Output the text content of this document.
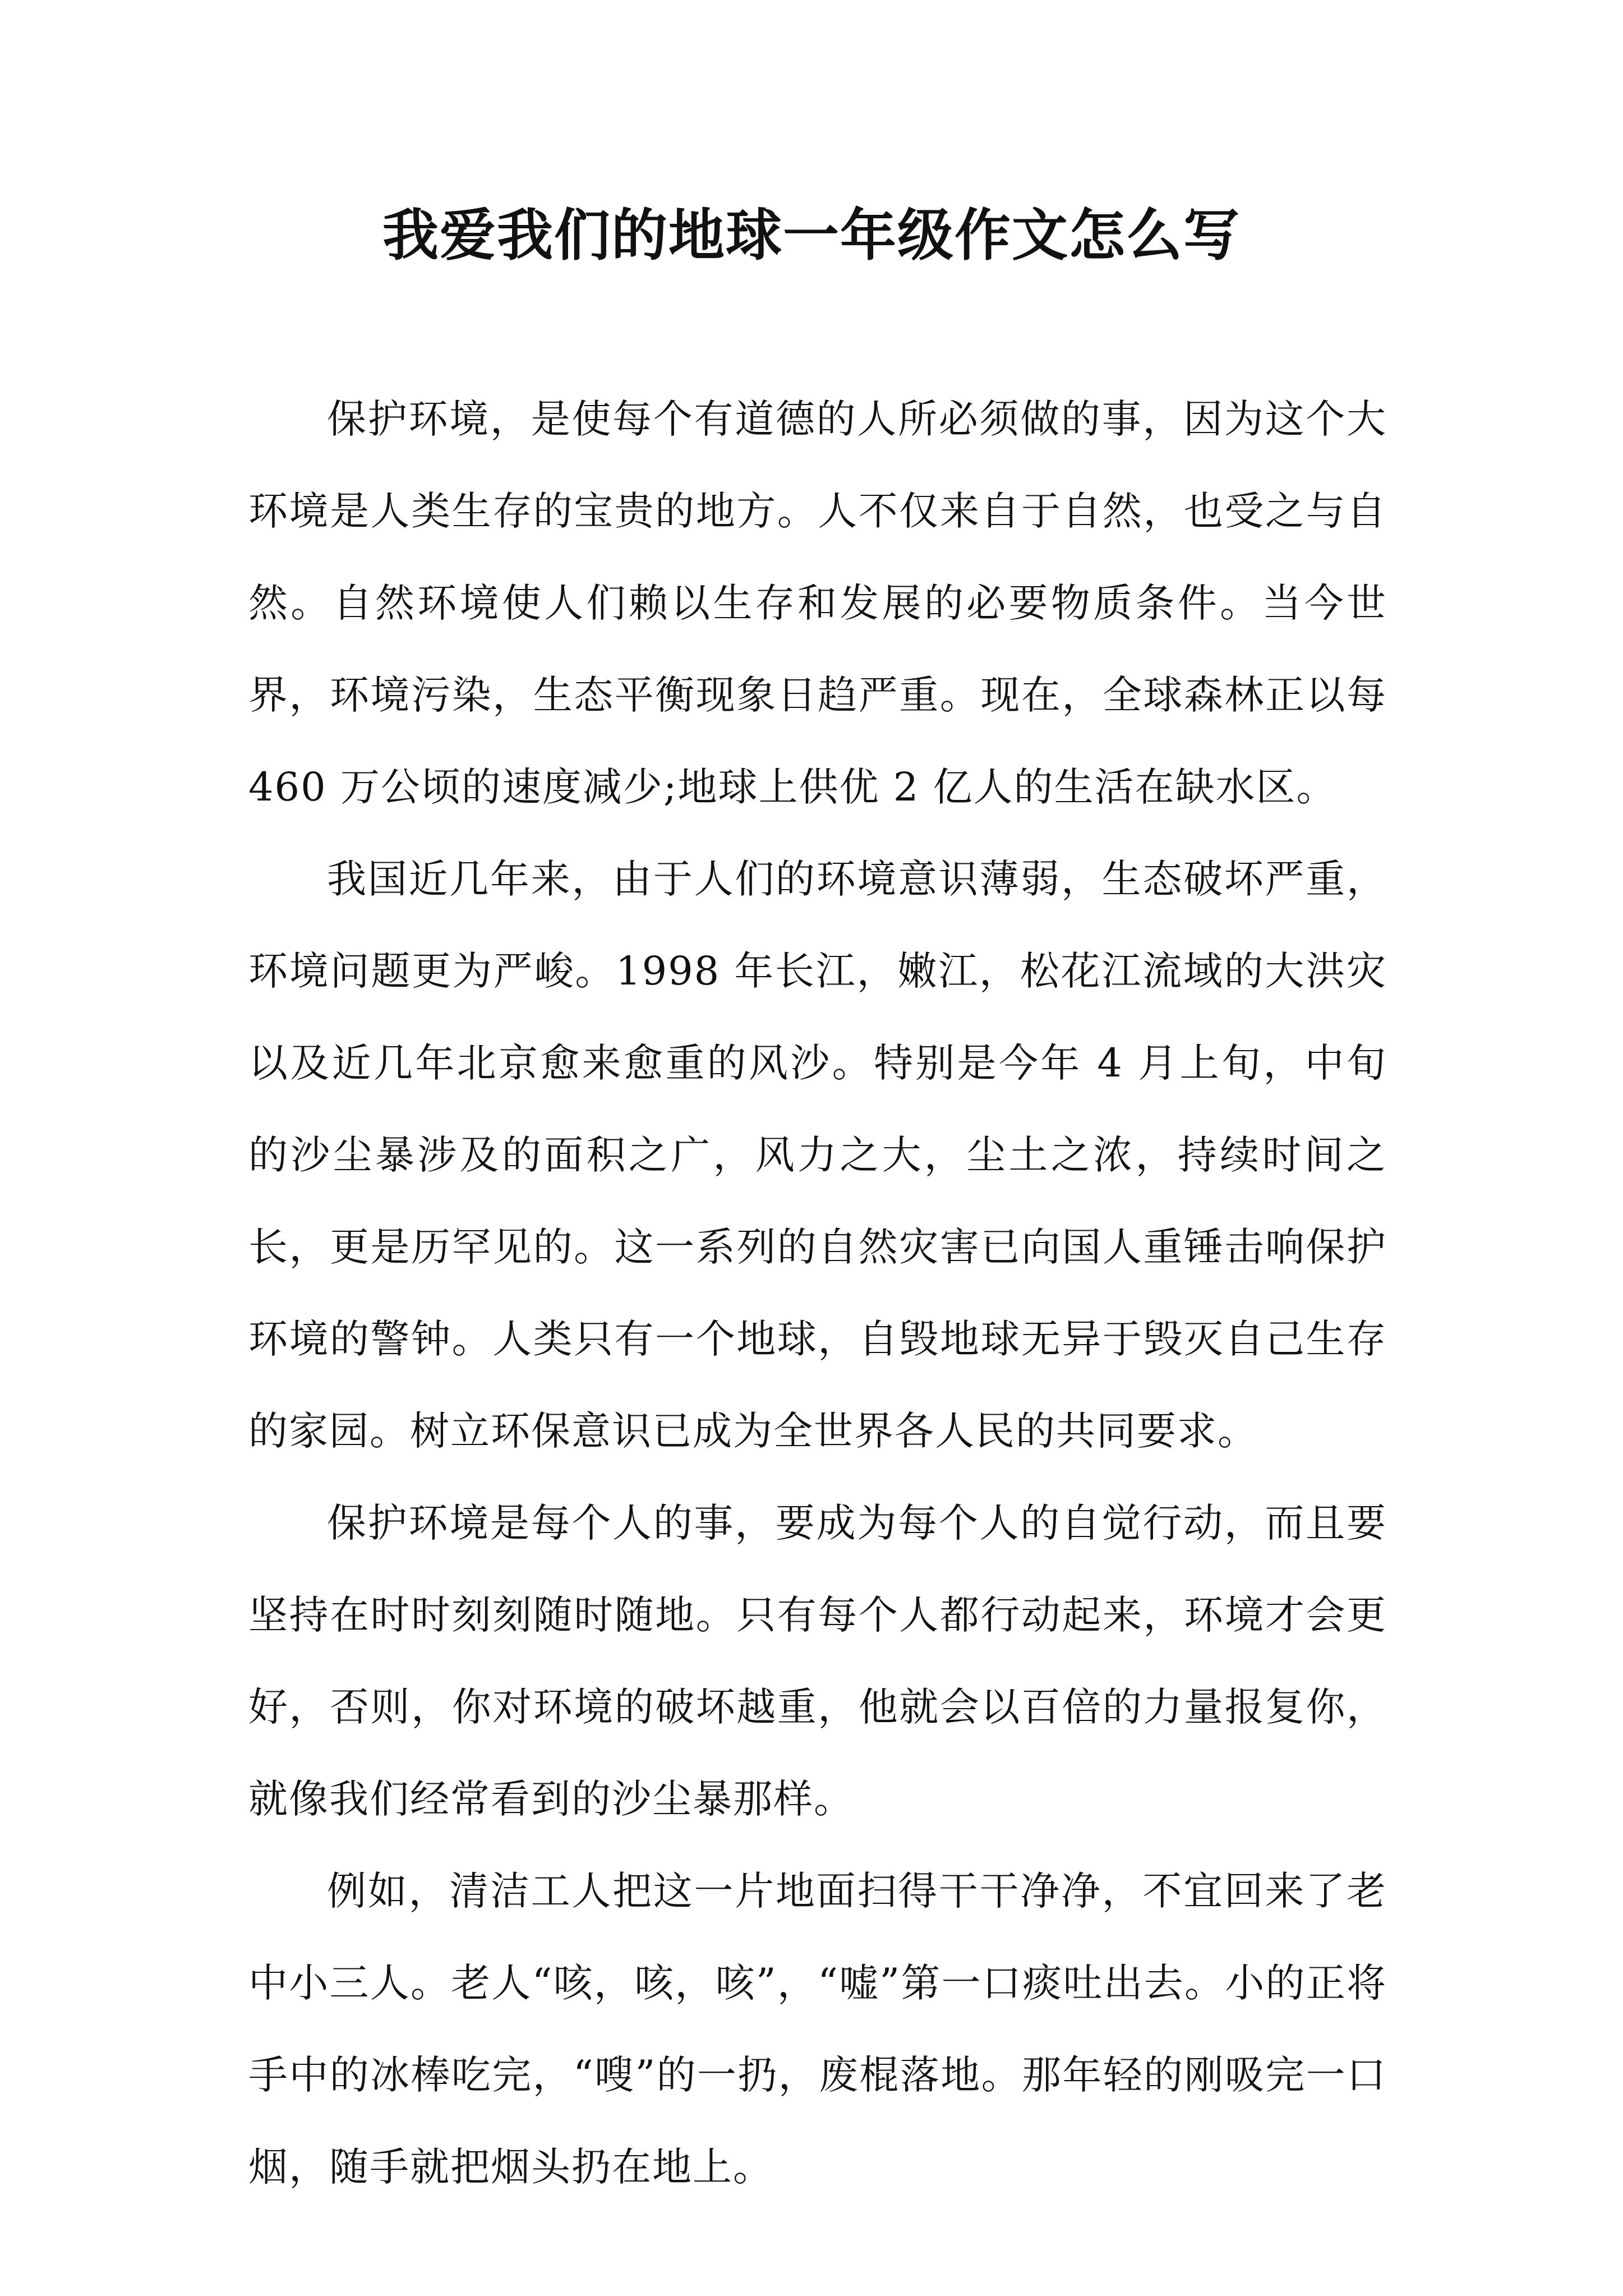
我爱我们的地球一年级作文怎么写

保护环境，是使每个有道德的人所必须做的事，因为这个大环境是人类生存的宝贵的地方。人不仅来自于自然，也受之与自然。自然环境使人们赖以生存和发展的必要物质条件。当今世界，环境污染，生态平衡现象日趋严重。现在，全球森林正以每 460 万公顷的速度减少;地球上供优 2 亿人的生活在缺水区。

我国近几年来，由于人们的环境意识薄弱，生态破坏严重，环境问题更为严峻。1998 年长江，嫩江，松花江流域的大洪灾以及近几年北京愈来愈重的风沙。特别是今年 4 月上旬，中旬的沙尘暴涉及的面积之广，风力之大，尘土之浓，持续时间之长，更是历罕见的。这一系列的自然灾害已向国人重锤击响保护环境的警钟。人类只有一个地球，自毁地球无异于毁灭自己生存的家园。树立环保意识已成为全世界各人民的共同要求。

保护环境是每个人的事，要成为每个人的自觉行动，而且要坚持在时时刻刻随时随地。只有每个人都行动起来，环境才会更好，否则，你对环境的破坏越重，他就会以百倍的力量报复你，就像我们经常看到的沙尘暴那样。

例如，清洁工人把这一片地面扫得干干净净，不宜回来了老中小三人。老人“咳，咳，咳”，“嘘”第一口痰吐出去。小的正将手中的冰棒吃完，“嗖”的一扔，废棍落地。那年轻的刚吸完一口烟，随手就把烟头扔在地上。
